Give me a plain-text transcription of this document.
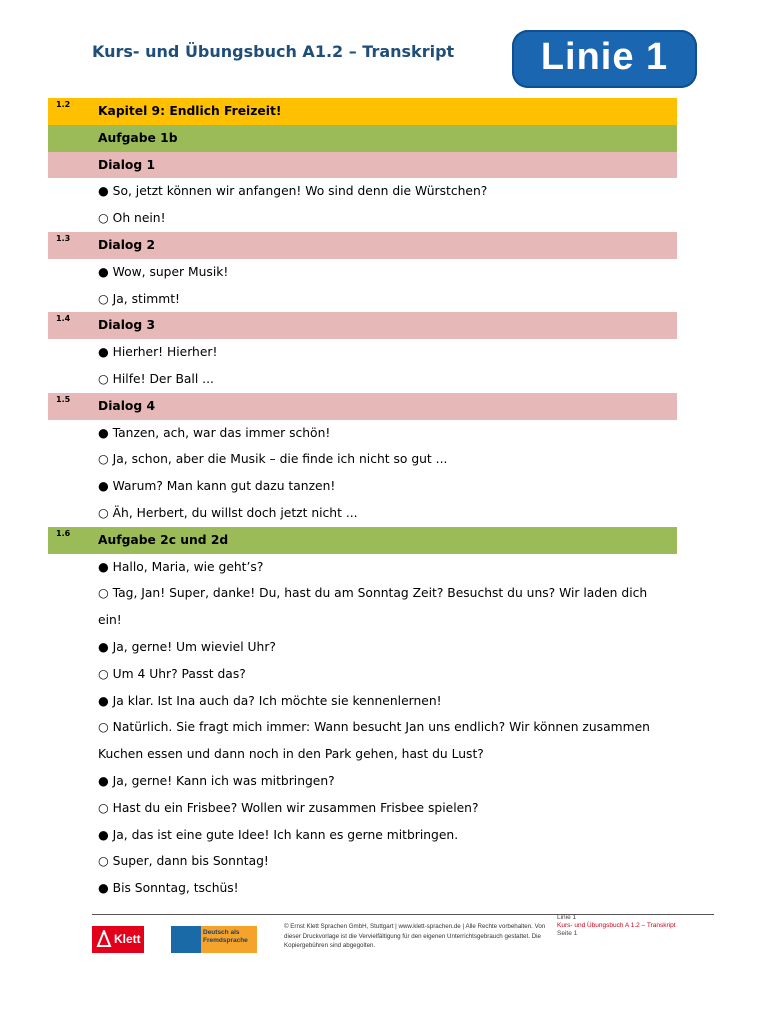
Kurs- und Übungsbuch A1.2 – Transkript	Linie 1
1.2 Kapitel 9: Endlich Freizeit!
Aufgabe 1b
Dialog 1
● So, jetzt können wir anfangen! Wo sind denn die Würstchen?
○ Oh nein!
1.3 Dialog 2
● Wow, super Musik!
○ Ja, stimmt!
1.4 Dialog 3
● Hierher! Hierher!
○ Hilfe! Der Ball ...
1.5 Dialog 4
● Tanzen, ach, war das immer schön!
○ Ja, schon, aber die Musik – die finde ich nicht so gut ...
● Warum? Man kann gut dazu tanzen!
○ Äh, Herbert, du willst doch jetzt nicht ...
1.6 Aufgabe 2c und 2d
● Hallo, Maria, wie geht’s?
○ Tag, Jan! Super, danke! Du, hast du am Sonntag Zeit? Besuchst du uns? Wir laden dich ein!
● Ja, gerne! Um wieviel Uhr?
○ Um 4 Uhr? Passt das?
● Ja klar. Ist Ina auch da? Ich möchte sie kennenlernen!
○ Natürlich. Sie fragt mich immer: Wann besucht Jan uns endlich? Wir können zusammen Kuchen essen und dann noch in den Park gehen, hast du Lust?
● Ja, gerne! Kann ich was mitbringen?
○ Hast du ein Frisbee? Wollen wir zusammen Frisbee spielen?
● Ja, das ist eine gute Idee! Ich kann es gerne mitbringen.
○ Super, dann bis Sonntag!
● Bis Sonntag, tschüs!
Klett	Deutsch als Fremdsprache
© Ernst Klett Sprachen GmbH, Stuttgart | www.klett-sprachen.de | Alle Rechte vorbehalten. Von dieser Druckvorlage ist die Vervielfältigung für den eigenen Unterrichtsgebrauch gestattet. Die Kopiergebühren sind abgegolten.
Linie 1
Kurs- und Übungsbuch A 1.2 – Transkript
Seite 1
